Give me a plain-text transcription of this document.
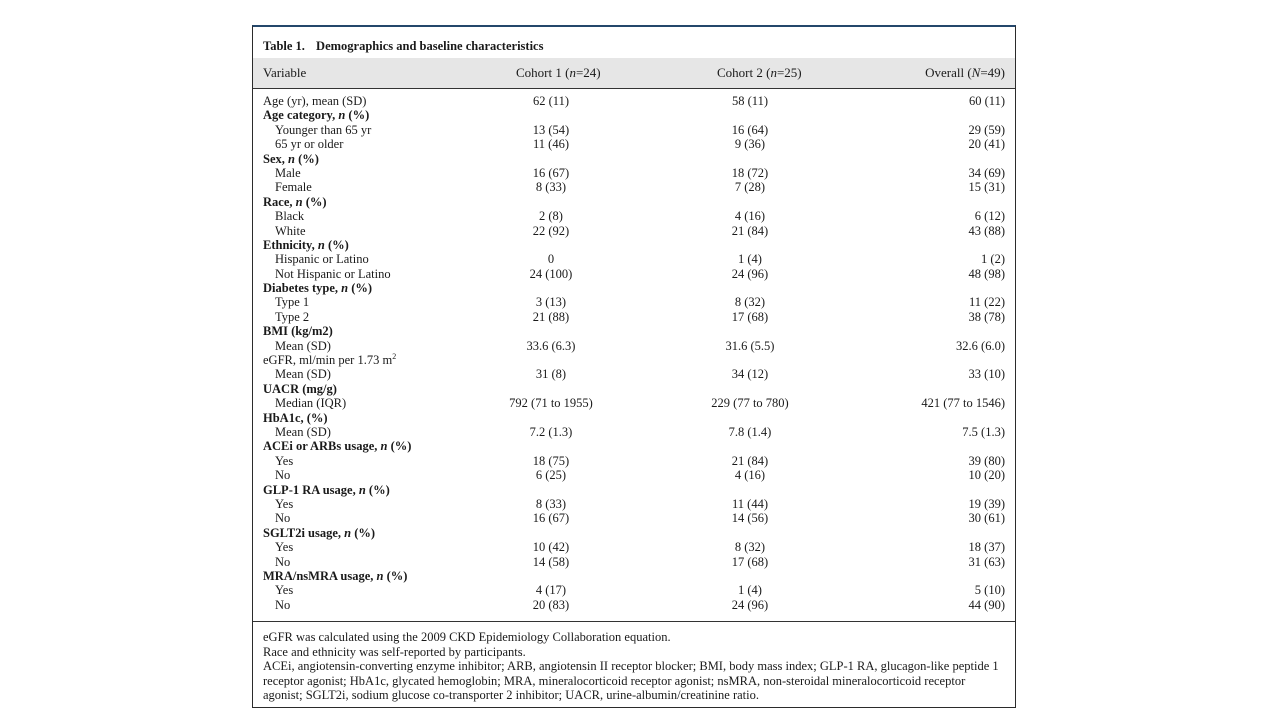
Table 1. Demographics and baseline characteristics
Variable	Cohort 1 (n=24)	Cohort 2 (n=25)	Overall (N=49)
Age (yr), mean (SD)	62 (11)	58 (11)	60 (11)
Age category, n (%)
Younger than 65 yr	13 (54)	16 (64)	29 (59)
65 yr or older	11 (46)	9 (36)	20 (41)
Sex, n (%)
Male	16 (67)	18 (72)	34 (69)
Female	8 (33)	7 (28)	15 (31)
Race, n (%)
Black	2 (8)	4 (16)	6 (12)
White	22 (92)	21 (84)	43 (88)
Ethnicity, n (%)
Hispanic or Latino	0	1 (4)	1 (2)
Not Hispanic or Latino	24 (100)	24 (96)	48 (98)
Diabetes type, n (%)
Type 1	3 (13)	8 (32)	11 (22)
Type 2	21 (88)	17 (68)	38 (78)
BMI (kg/m2)
Mean (SD)	33.6 (6.3)	31.6 (5.5)	32.6 (6.0)
eGFR, ml/min per 1.73 $m^2$
Mean (SD)	31 (8)	34 (12)	33 (10)
UACR (mg/g)
Median (IQR)	792 (71 to 1955)	229 (77 to 780)	421 (77 to 1546)
HbA1c, (%)
Mean (SD)	7.2 (1.3)	7.8 (1.4)	7.5 (1.3)
ACEi or ARBs usage, n (%)
Yes	18 (75)	21 (84)	39 (80)
No	6 (25)	4 (16)	10 (20)
GLP-1 RA usage, n (%)
Yes	8 (33)	11 (44)	19 (39)
No	16 (67)	14 (56)	30 (61)
SGLT2i usage, n (%)
Yes	10 (42)	8 (32)	18 (37)
No	14 (58)	17 (68)	31 (63)
MRA/nsMRA usage, n (%)
Yes	4 (17)	1 (4)	5 (10)
No	20 (83)	24 (96)	44 (90)

eGFR was calculated using the 2009 CKD Epidemiology Collaboration equation.

Race and ethnicity was self-reported by participants.

ACEi, angiotensin-converting enzyme inhibitor; ARB, angiotensin II receptor blocker; BMI, body mass index; GLP-1 RA, glucagon-like peptide 1 receptor agonist; HbA1c, glycated hemoglobin; MRA, mineralocorticoid receptor agonist; nsMRA, non-steroidal mineralocorticoid receptor agonist; SGLT2i, sodium glucose co-transporter 2 inhibitor; UACR, urine-albumin/creatinine ratio.
